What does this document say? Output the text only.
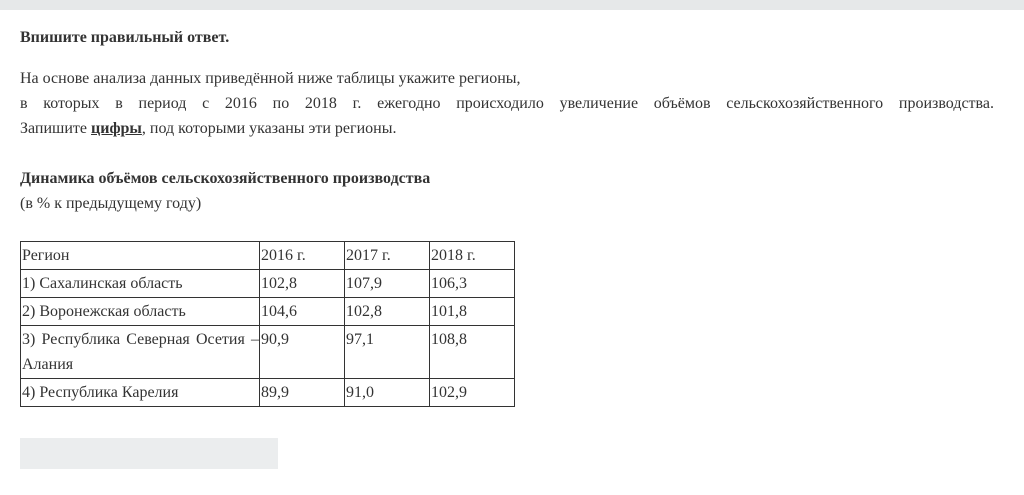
Впишите правильный ответ.

На основе анализа данных приведённой ниже таблицы укажите регионы,
в которых в период с 2016 по 2018 г. ежегодно происходило увеличение объёмов сельскохозяйственного производства.
Запишите цифры, под которыми указаны эти регионы.

Динамика объёмов сельскохозяйственного производства

(в % к предыдущему году)

Регион	2016 г.	2017 г.	2018 г.
1) Сахалинская область	102,8	107,9	106,3
2) Воронежская область	104,6	102,8	101,8
3) Республика Северная Осетия – Алания	90,9	97,1	108,8
4) Республика Карелия	89,9	91,0	102,9
